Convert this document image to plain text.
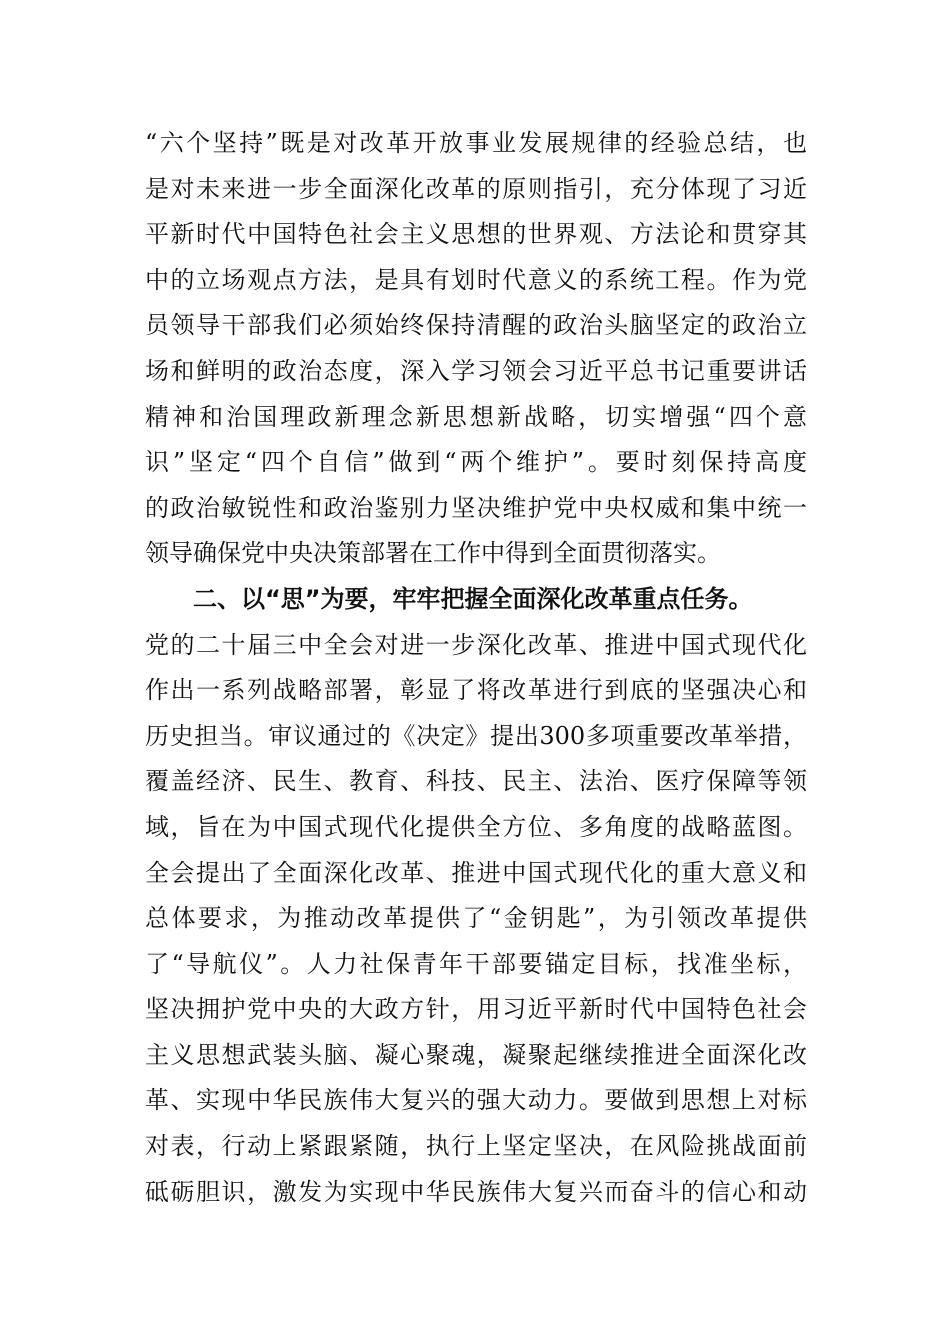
“六个坚持”既是对改革开放事业发展规律的经验总结，也
是对未来进一步全面深化改革的原则指引，充分体现了习近
平新时代中国特色社会主义思想的世界观、方法论和贯穿其
中的立场观点方法，是具有划时代意义的系统工程。作为党
员领导干部我们必须始终保持清醒的政治头脑坚定的政治立
场和鲜明的政治态度，深入学习领会习近平总书记重要讲话
精神和治国理政新理念新思想新战略，切实增强“四个意
识”坚定“四个自信”做到“两个维护”。要时刻保持高度
的政治敏锐性和政治鉴别力坚决维护党中央权威和集中统一
领导确保党中央决策部署在工作中得到全面贯彻落实。
二、以“思”为要，牢牢把握全面深化改革重点任务。
党的二十届三中全会对进一步深化改革、推进中国式现代化
作出一系列战略部署，彰显了将改革进行到底的坚强决心和
历史担当。审议通过的《决定》提出300多项重要改革举措，
覆盖经济、民生、教育、科技、民主、法治、医疗保障等领
域，旨在为中国式现代化提供全方位、多角度的战略蓝图。
全会提出了全面深化改革、推进中国式现代化的重大意义和
总体要求，为推动改革提供了“金钥匙”，为引领改革提供
了“导航仪”。人力社保青年干部要锚定目标，找准坐标，
坚决拥护党中央的大政方针，用习近平新时代中国特色社会
主义思想武装头脑、凝心聚魂，凝聚起继续推进全面深化改
革、实现中华民族伟大复兴的强大动力。要做到思想上对标
对表，行动上紧跟紧随，执行上坚定坚决，在风险挑战面前
砥砺胆识，激发为实现中华民族伟大复兴而奋斗的信心和动
